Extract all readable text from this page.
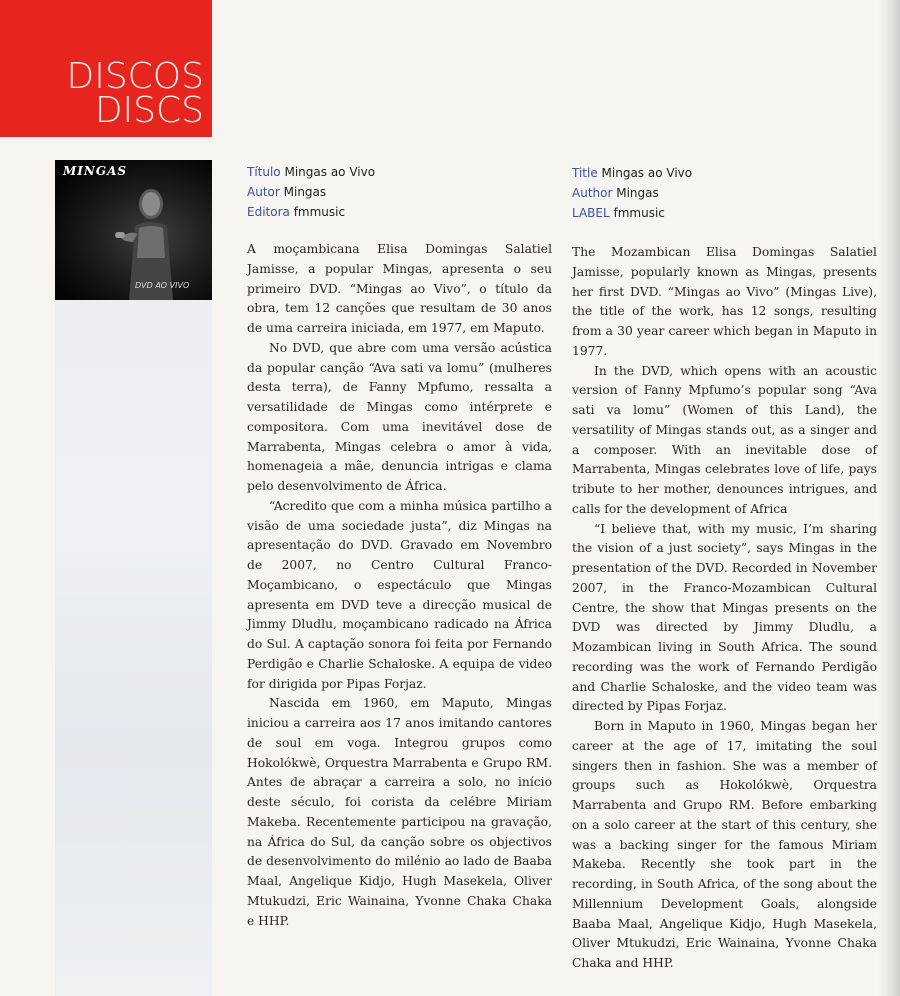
DISCOS
DISCS
MINGAS
DVD AO VIVO
Título Mingas ao Vivo
Autor Mingas
Editora fmmusic
Title Mingas ao Vivo
Author Mingas
LABEL fmmusic

A moçambicana Elisa Domingas Salatiel Jamisse, a popular Mingas, apresenta o seu primeiro DVD. “Mingas ao Vivo”, o título da obra, tem 12 canções que resultam de 30 anos de uma carreira iniciada, em 1977, em Maputo.

No DVD, que abre com uma versão acústica da popular canção “Ava sati va lomu” (mulheres desta terra), de Fanny Mpfumo, ressalta a versatilidade de Mingas como intérprete e compositora. Com uma inevitável dose de Marrabenta, Mingas celebra o amor à vida, homenageia a mãe, denuncia intrigas e clama pelo desenvolvimento de África.

“Acredito que com a minha música partilho a visão de uma sociedade justa”, diz Mingas na apresentação do DVD. Gravado em Novembro de 2007, no Centro Cultural Franco-Moçambicano, o espectáculo que Mingas apresenta em DVD teve a direcção musical de Jimmy Dludlu, moçambicano radicado na África do Sul. A captação sonora foi feita por Fernando Perdigão e Charlie Schaloske. A equipa de video for dirigida por Pipas Forjaz.

Nascida em 1960, em Maputo, Mingas iniciou a carreira aos 17 anos imitando cantores de soul em voga. Integrou grupos como Hokolókwè, Orquestra Marrabenta e Grupo RM. Antes de abraçar a carreira a solo, no início deste século, foi corista da celébre Miriam Makeba. Recentemente participou na gravação, na África do Sul, da canção sobre os objectivos de desenvolvimento do milénio ao lado de Baaba Maal, Angelique Kidjo, Hugh Masekela, Oliver Mtukudzi, Eric Wainaina, Yvonne Chaka Chaka e HHP.

The Mozambican Elisa Domingas Salatiel Jamisse, popularly known as Mingas, presents her first DVD. “Mingas ao Vivo” (Mingas Live), the title of the work, has 12 songs, resulting from a 30 year career which began in Maputo in 1977.

In the DVD, which opens with an acoustic version of Fanny Mpfumo’s popular song “Ava sati va lomu” (Women of this Land), the versatility of Mingas stands out, as a singer and a composer. With an inevitable dose of Marrabenta, Mingas celebrates love of life, pays tribute to her mother, denounces intrigues, and calls for the development of Africa

“I believe that, with my music, I’m sharing the vision of a just society”, says Mingas in the presentation of the DVD. Recorded in November 2007, in the Franco-Mozambican Cultural Centre, the show that Mingas presents on the DVD was directed by Jimmy Dludlu, a Mozambican living in South Africa. The sound recording was the work of Fernando Perdigão and Charlie Schaloske, and the video team was directed by Pipas Forjaz.

Born in Maputo in 1960, Mingas began her career at the age of 17, imitating the soul singers then in fashion. She was a member of groups such as Hokolókwè, Orquestra Marrabenta and Grupo RM. Before embarking on a solo career at the start of this century, she was a backing singer for the famous Miriam Makeba. Recently she took part in the recording, in South Africa, of the song about the Millennium Development Goals, alongside Baaba Maal, Angelique Kidjo, Hugh Masekela, Oliver Mtukudzi, Eric Wainaina, Yvonne Chaka Chaka and HHP.
